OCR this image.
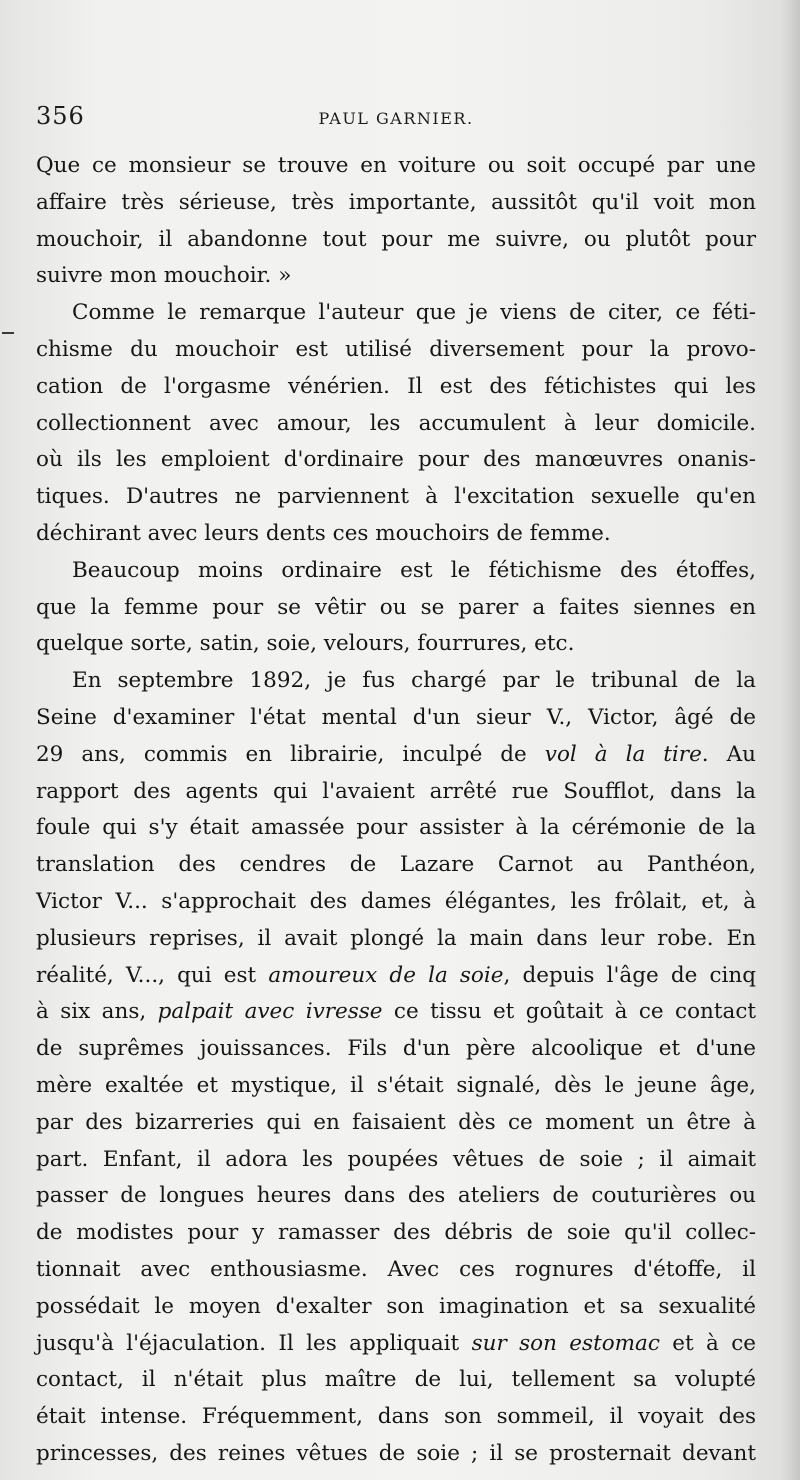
356	PAUL GARNIER.
Que ce monsieur se trouve en voiture ou soit occupé par une
affaire très sérieuse, très importante, aussitôt qu'il voit mon
mouchoir, il abandonne tout pour me suivre, ou plutôt pour
suivre mon mouchoir. »
Comme le remarque l'auteur que je viens de citer, ce féti-
chisme du mouchoir est utilisé diversement pour la provo-
cation de l'orgasme vénérien. Il est des fétichistes qui les
collectionnent avec amour, les accumulent à leur domicile.
où ils les emploient d'ordinaire pour des manœuvres onanis-
tiques. D'autres ne parviennent à l'excitation sexuelle qu'en
déchirant avec leurs dents ces mouchoirs de femme.
Beaucoup moins ordinaire est le fétichisme des étoffes,
que la femme pour se vêtir ou se parer a faites siennes en
quelque sorte, satin, soie, velours, fourrures, etc.
En septembre 1892, je fus chargé par le tribunal de la
Seine d'examiner l'état mental d'un sieur V., Victor, âgé de
29 ans, commis en librairie, inculpé de vol à la tire. Au
rapport des agents qui l'avaient arrêté rue Soufflot, dans la
foule qui s'y était amassée pour assister à la cérémonie de la
translation des cendres de Lazare Carnot au Panthéon,
Victor V... s'approchait des dames élégantes, les frôlait, et, à
plusieurs reprises, il avait plongé la main dans leur robe. En
réalité, V..., qui est amoureux de la soie, depuis l'âge de cinq
à six ans, palpait avec ivresse ce tissu et goûtait à ce contact
de suprêmes jouissances. Fils d'un père alcoolique et d'une
mère exaltée et mystique, il s'était signalé, dès le jeune âge,
par des bizarreries qui en faisaient dès ce moment un être à
part. Enfant, il adora les poupées vêtues de soie ; il aimait
passer de longues heures dans des ateliers de couturières ou
de modistes pour y ramasser des débris de soie qu'il collec-
tionnait avec enthousiasme. Avec ces rognures d'étoffe, il
possédait le moyen d'exalter son imagination et sa sexualité
jusqu'à l'éjaculation. Il les appliquait sur son estomac et à ce
contact, il n'était plus maître de lui, tellement sa volupté
était intense. Fréquemment, dans son sommeil, il voyait des
princesses, des reines vêtues de soie ; il se prosternait devant
